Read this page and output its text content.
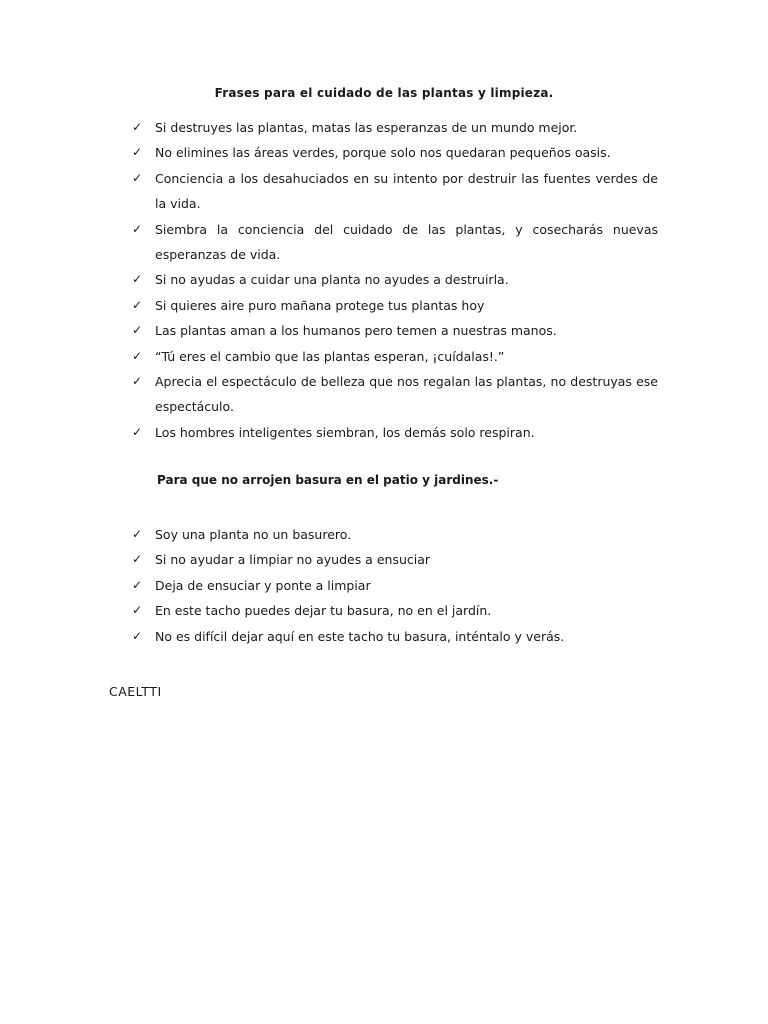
Frases para el cuidado de las plantas y limpieza.
✓ Si destruyes las plantas, matas las esperanzas de un mundo mejor.
✓ No elimines las áreas verdes, porque solo nos quedaran pequeños oasis.
✓ Conciencia a los desahuciados en su intento por destruir las fuentes verdes de la vida.
✓ Siembra la conciencia del cuidado de las plantas, y cosecharás nuevas esperanzas de vida.
✓ Si no ayudas a cuidar una planta no ayudes a destruirla.
✓ Si quieres aire puro mañana protege tus plantas hoy
✓ Las plantas aman a los humanos pero temen a nuestras manos.
✓ “Tú eres el cambio que las plantas esperan, ¡cuídalas!.”
✓ Aprecia el espectáculo de belleza que nos regalan las plantas, no destruyas ese espectáculo.
✓ Los hombres inteligentes siembran, los demás solo respiran.
Para que no arrojen basura en el patio y jardines.-
✓ Soy una planta no un basurero.
✓ Si no ayudar a limpiar no ayudes a ensuciar
✓ Deja de ensuciar y ponte a limpiar
✓ En este tacho puedes dejar tu basura, no en el jardín.
✓ No es difícil dejar aquí en este tacho tu basura, inténtalo y verás.

CAELTTI
